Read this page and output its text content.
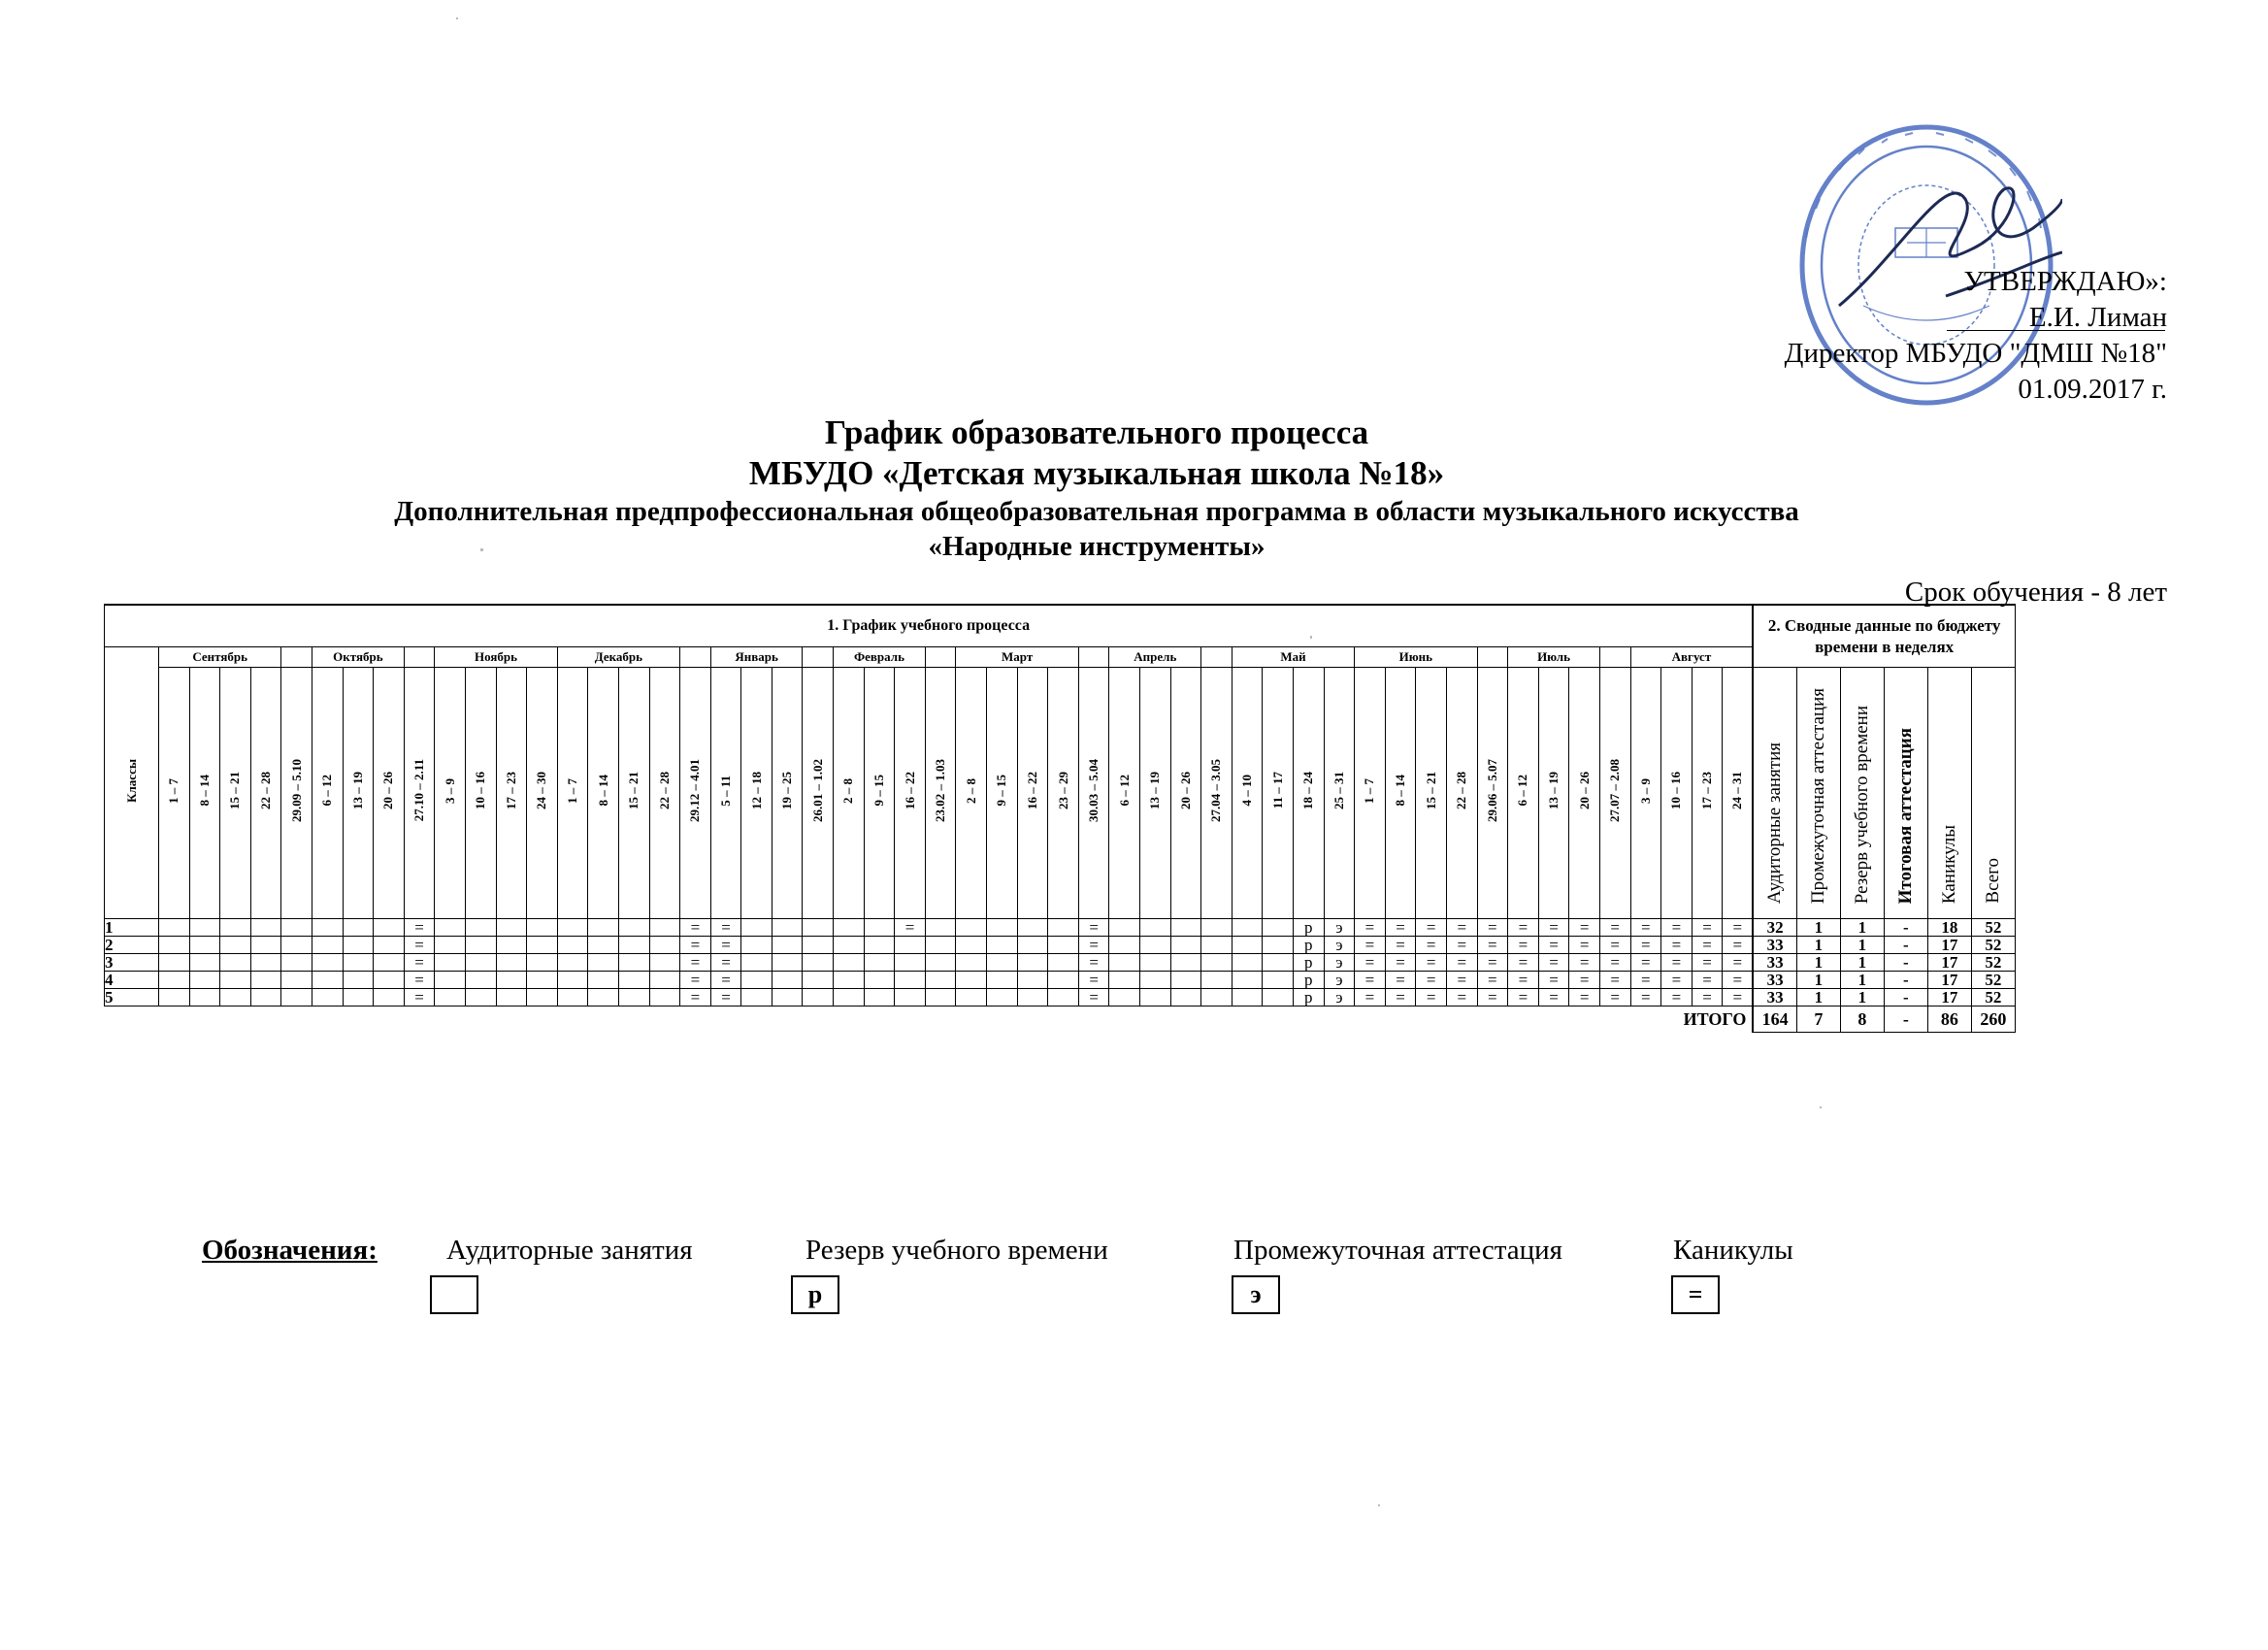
УТВЕРЖДАЮ»:
Е.И. Лиман
Директор МБУДО "ДМШ №18"
01.09.2017 г.
График образовательного процесса
МБУДО «Детская музыкальная школа №18»
Дополнительная предпрофессиональная общеобразовательная программа в области музыкального искусства
«Народные инструменты»
Срок обучения - 8 лет
1. График учебного процесса																																																					2. Сводные данные по бюджету времени в неделях					
Классы	Сентябрь					Октябрь				Ноябрь				Декабрь					Январь				Февраль				Март					Апрель				Май				Июнь					Июль				Август									
	1 – 7	8 – 14	15 – 21	22 – 28	29.09 – 5.10	6 – 12	13 – 19	20 – 26	27.10 – 2.11	3 – 9	10 – 16	17 – 23	24 – 30	1 – 7	8 – 14	15 – 21	22 – 28	29.12 – 4.01	5 – 11	12 – 18	19 – 25	26.01 – 1.02	2 – 8	9 – 15	16 – 22	23.02 – 1.03	2 – 8	9 – 15	16 – 22	23 – 29	30.03 – 5.04	6 – 12	13 – 19	20 – 26	27.04 – 3.05	4 – 10	11 – 17	18 – 24	25 – 31	1 – 7	8 – 14	15 – 21	22 – 28	29.06 – 5.07	6 – 12	13 – 19	20 – 26	27.07 – 2.08	3 – 9	10 – 16	17 – 23	24 – 31	Аудиторные занятия	Промежуточная аттестация	Резерв учебного времени	Итоговая аттестация	Каникулы	Всего
1									=									=	=						=						=							р	э	=	=	=	=	=	=	=	=	=	=	=	=	=	32	1	1	-	18	52
2									=									=	=												=							р	э	=	=	=	=	=	=	=	=	=	=	=	=	=	33	1	1	-	17	52
3									=									=	=												=							р	э	=	=	=	=	=	=	=	=	=	=	=	=	=	33	1	1	-	17	52
4									=									=	=												=							р	э	=	=	=	=	=	=	=	=	=	=	=	=	=	33	1	1	-	17	52
5									=									=	=												=							р	э	=	=	=	=	=	=	=	=	=	=	=	=	=	33	1	1	-	17	52
ИТОГО																																																					164	7	8	-	86	260
Обозначения: Аудиторные занятия	Резерв учебного времени
р
Промежуточная аттестация
э
Каникулы
=
